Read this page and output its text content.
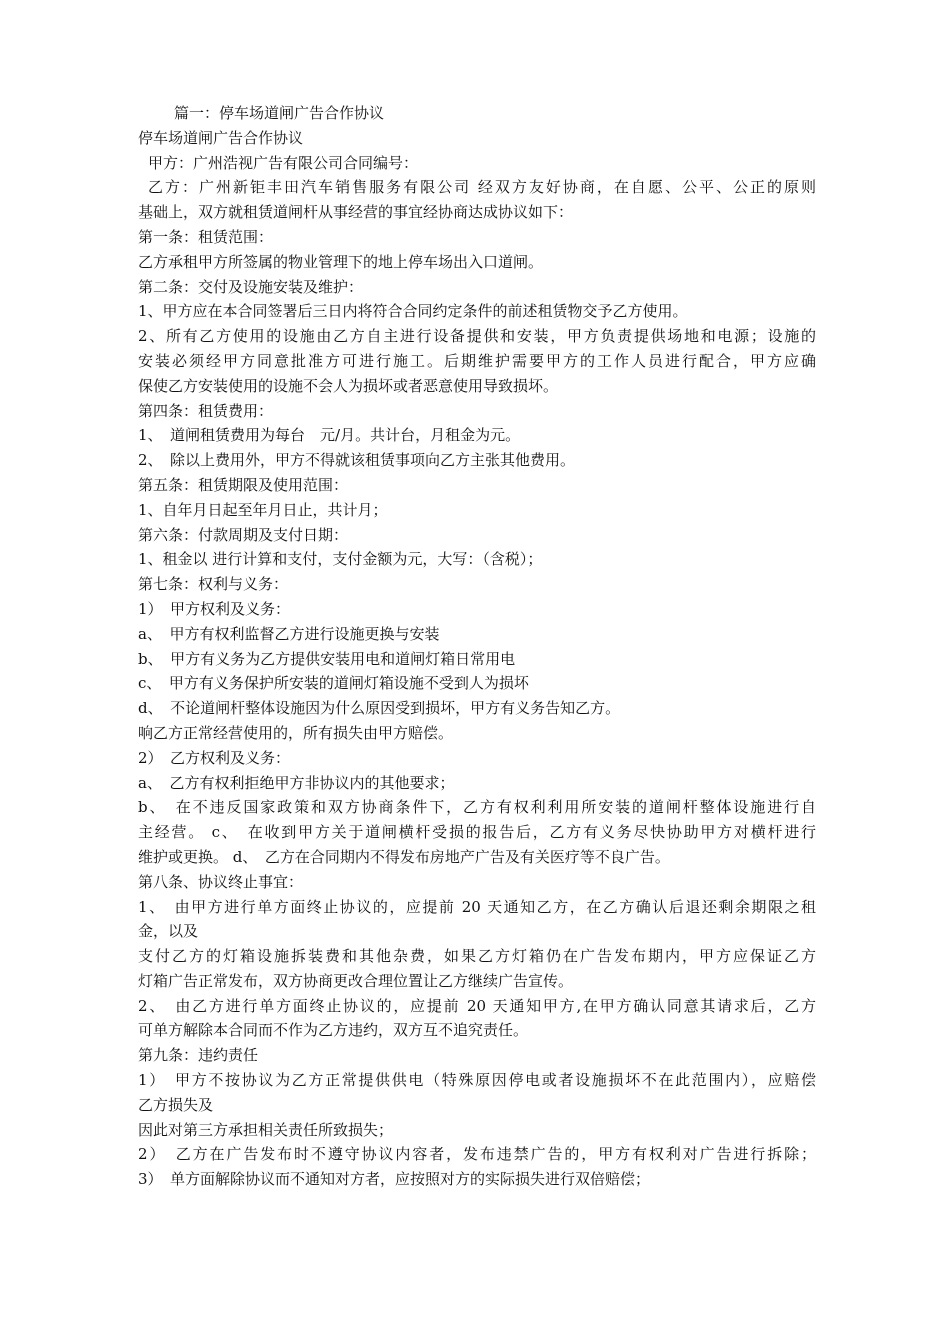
篇一：停车场道闸广告合作协议
停车场道闸广告合作协议
甲方：广州浩视广告有限公司合同编号：
乙方：广州新钜丰田汽车销售服务有限公司 经双方友好协商，在自愿、公平、公正的原则
基础上，双方就租赁道闸杆从事经营的事宜经协商达成协议如下：
第一条：租赁范围：
乙方承租甲方所签属的物业管理下的地上停车场出入口道闸。
第二条：交付及设施安装及维护：
1、甲方应在本合同签署后三日内将符合合同约定条件的前述租赁物交予乙方使用。
2、所有乙方使用的设施由乙方自主进行设备提供和安装，甲方负责提供场地和电源；设施的
安装必须经甲方同意批准方可进行施工。后期维护需要甲方的工作人员进行配合，甲方应确
保使乙方安装使用的设施不会人为损坏或者恶意使用导致损坏。
第四条：租赁费用：
1、　道闸租赁费用为每台　元/月。共计台，月租金为元。
2、　除以上费用外，甲方不得就该租赁事项向乙方主张其他费用。
第五条：租赁期限及使用范围：
1、自年月日起至年月日止，共计月；
第六条：付款周期及支付日期：
1、租金以 进行计算和支付，支付金额为元，大写：（含税）；
第七条：权利与义务：
1）　甲方权利及义务：
a、　甲方有权利监督乙方进行设施更换与安装
b、　甲方有义务为乙方提供安装用电和道闸灯箱日常用电
c、　甲方有义务保护所安装的道闸灯箱设施不受到人为损坏
d、　不论道闸杆整体设施因为什么原因受到损坏，甲方有义务告知乙方。
响乙方正常经营使用的，所有损失由甲方赔偿。
2）　乙方权利及义务：
a、　乙方有权利拒绝甲方非协议内的其他要求；
b、　在不违反国家政策和双方协商条件下，乙方有权利利用所安装的道闸杆整体设施进行自
主经营。 c、　在收到甲方关于道闸横杆受损的报告后，乙方有义务尽快协助甲方对横杆进行
维护或更换。 d、　乙方在合同期内不得发布房地产广告及有关医疗等不良广告。
第八条、协议终止事宜：
1、　由甲方进行单方面终止协议的，应提前 20 天通知乙方，在乙方确认后退还剩余期限之租
金，以及
支付乙方的灯箱设施拆装费和其他杂费，如果乙方灯箱仍在广告发布期内，甲方应保证乙方
灯箱广告正常发布，双方协商更改合理位置让乙方继续广告宣传。
2、　由乙方进行单方面终止协议的，应提前 20 天通知甲方,在甲方确认同意其请求后，乙方
可单方解除本合同而不作为乙方违约，双方互不追究责任。
第九条：违约责任
1）　甲方不按协议为乙方正常提供供电（特殊原因停电或者设施损坏不在此范围内），应赔偿
乙方损失及
因此对第三方承担相关责任所致损失；
2）　乙方在广告发布时不遵守协议内容者，发布违禁广告的，甲方有权利对广告进行拆除；
3）　单方面解除协议而不通知对方者，应按照对方的实际损失进行双倍赔偿；
